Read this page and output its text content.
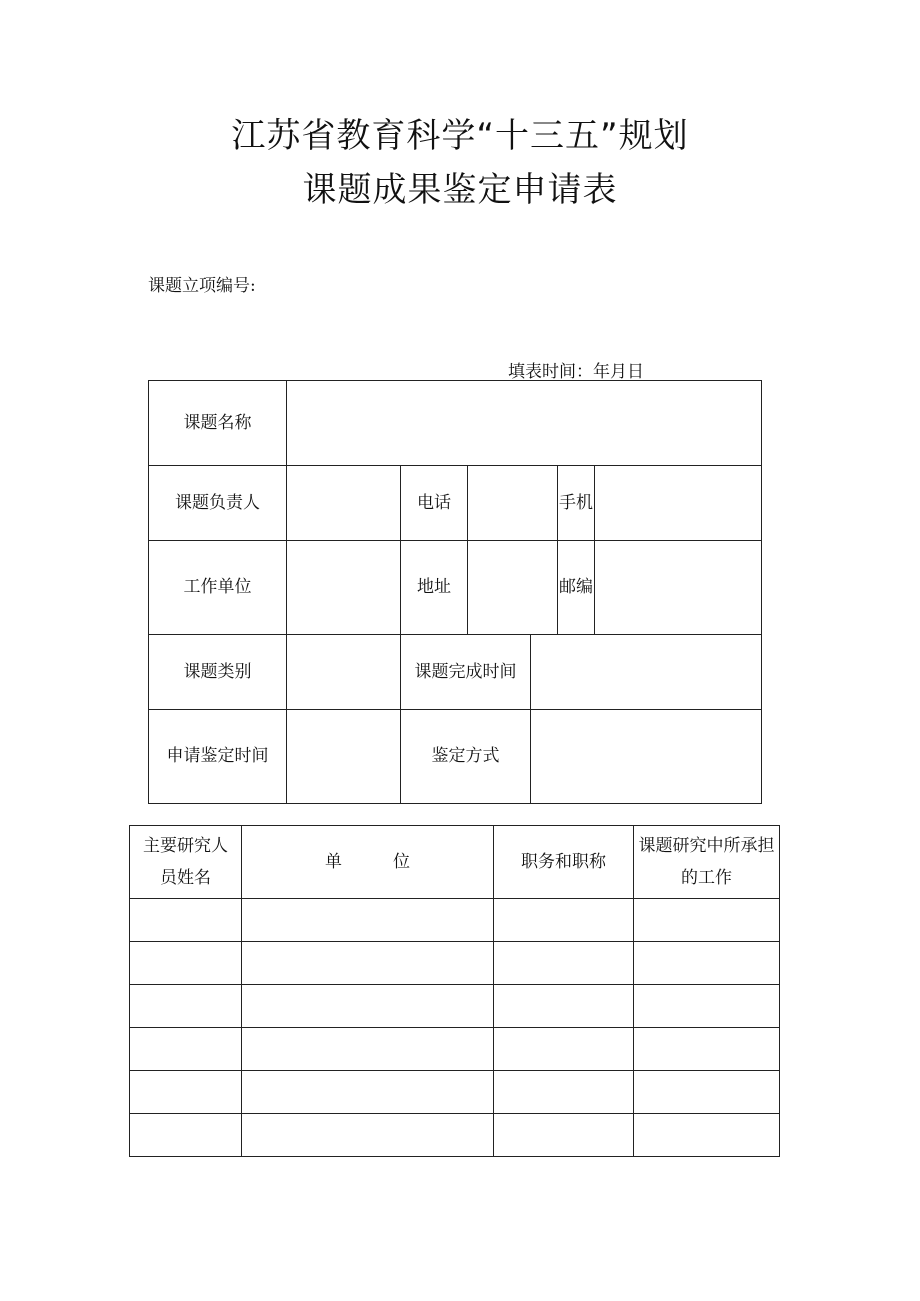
江苏省教育科学“十三五”规划
课题成果鉴定申请表
课题立项编号:
填表时间：年月日
课题名称						
课题负责人		电话			手机	
工作单位		地址			邮编	
课题类别		课题完成时间				
申请鉴定时间		鉴定方式				
主要研究人员姓名	单位	职务和职称	课题研究中所承担的工作
